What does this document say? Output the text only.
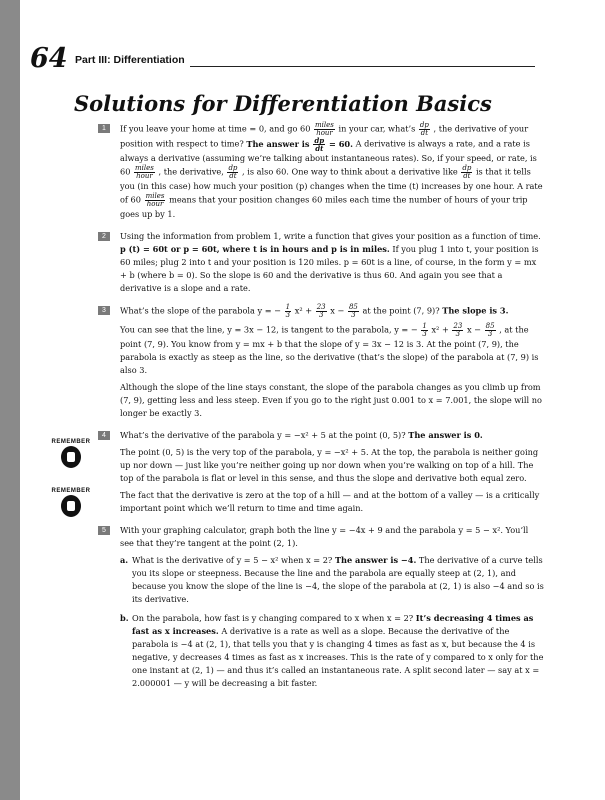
64 Part III: Differentiation
Solutions for Differentiation Basics
1	If you leave your home at time = 0, and go $60 \frac{\text{miles}}{\text{hour}}$ in your car, what’s $\frac{dp}{dt}$ , the derivative of your position with respect to time? The answer is $\frac{dp}{dt} = 60$. A derivative is always a rate, and a rate is always a derivative (assuming we’re talking about instantaneous rates). So, if your speed, or rate, is $60 \frac{\text{miles}}{\text{hour}}$ , the derivative, $\frac{dp}{dt}$ , is also 60. One way to think about a derivative like $\frac{dp}{dt}$ is that it tells you (in this case) how much your position (p) changes when the time (t) increases by one hour. A rate of $60 \frac{\text{miles}}{\text{hour}}$ means that your position changes 60 miles each time the number of hours of your trip goes up by 1.

2	Using the information from problem 1, write a function that gives your position as a function of time. p (t) = 60t or p = 60t, where t is in hours and p is in miles. If you plug 1 into t, your position is 60 miles; plug 2 into t and your position is 120 miles. p = 60t is a line, of course, in the form y = mx + b (where b = 0). So the slope is 60 and the derivative is thus 60. And again you see that a derivative is a slope and a rate.

3	What’s the slope of the parabola y = − $\frac{1}{3} x^2 + \frac{23}{3}$ $x - \frac{85}{3}$ at the point (7, 9)? The slope is 3.

You can see that the line, y = 3x − 12, is tangent to the parabola, y = − $\frac{1}{3} x^2 + \frac{23}{3}$ $x - \frac{85}{3}$ , at the point (7, 9). You know from y = mx + b that the slope of y = 3x − 12 is 3. At the point (7, 9), the parabola is exactly as steep as the line, so the derivative (that’s the slope) of the parabola at (7, 9) is also 3.

REMEMBER

Although the slope of the line stays constant, the slope of the parabola changes as you climb up from (7, 9), getting less and less steep. Even if you go to the right just 0.001 to x = 7.001, the slope will no longer be exactly 3.

4	What’s the derivative of the parabola y = −x² + 5 at the point (0, 5)? The answer is 0.

The point (0, 5) is the very top of the parabola, y = −x² + 5. At the top, the parabola is neither going up nor down — just like you’re neither going up nor down when you’re walking on top of a hill. The top of the parabola is flat or level in this sense, and thus the slope and derivative both equal zero.

REMEMBER	The fact that the derivative is zero at the top of a hill — and at the bottom of a valley — is a critically important point which we’ll return to time and time again.

5	With your graphing calculator, graph both the line y = −4x + 9 and the parabola y = 5 − x². You’ll see that they’re tangent at the point (2, 1).

a. What is the derivative of y = 5 − x² when x = 2? The answer is −4. The derivative of a curve tells you its slope or steepness. Because the line and the parabola are equally steep at (2, 1), and because you know the slope of the line is −4, the slope of the parabola at (2, 1) is also −4 and so is its derivative.
b. On the parabola, how fast is y changing compared to x when x = 2? It’s decreasing 4 times as fast as x increases. A derivative is a rate as well as a slope. Because the derivative of the parabola is −4 at (2, 1), that tells you that y is changing 4 times as fast as x, but because the 4 is negative, y decreases 4 times as fast as x increases. This is the rate of y compared to x only for the one instant at (2, 1) — and thus it’s called an instantaneous rate. A split second later — say at x = 2.000001 — y will be decreasing a bit faster.
